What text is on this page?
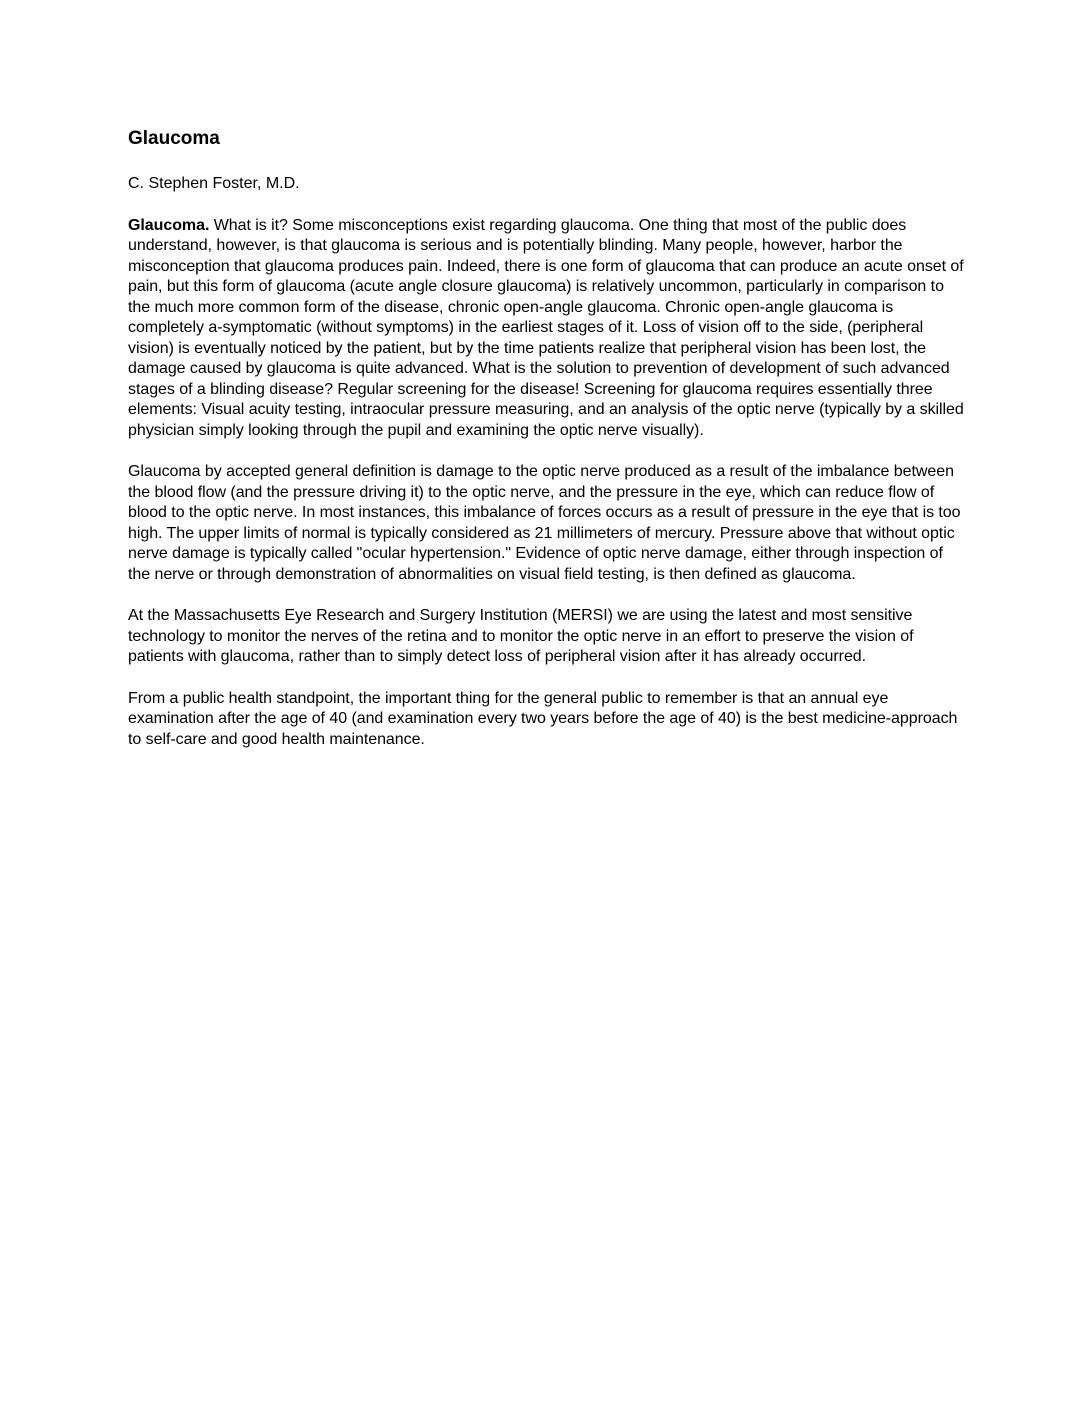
Glaucoma

C. Stephen Foster, M.D.

Glaucoma. What is it? Some misconceptions exist regarding glaucoma. One thing that most of the public does understand, however, is that glaucoma is serious and is potentially blinding. Many people, however, harbor the misconception that glaucoma produces pain. Indeed, there is one form of glaucoma that can produce an acute onset of pain, but this form of glaucoma (acute angle closure glaucoma) is relatively uncommon, particularly in comparison to the much more common form of the disease, chronic open-angle glaucoma. Chronic open-angle glaucoma is completely a-symptomatic (without symptoms) in the earliest stages of it. Loss of vision off to the side, (peripheral vision) is eventually noticed by the patient, but by the time patients realize that peripheral vision has been lost, the damage caused by glaucoma is quite advanced. What is the solution to prevention of development of such advanced stages of a blinding disease? Regular screening for the disease! Screening for glaucoma requires essentially three elements: Visual acuity testing, intraocular pressure measuring, and an analysis of the optic nerve (typically by a skilled physician simply looking through the pupil and examining the optic nerve visually).

Glaucoma by accepted general definition is damage to the optic nerve produced as a result of the imbalance between the blood flow (and the pressure driving it) to the optic nerve, and the pressure in the eye, which can reduce flow of blood to the optic nerve. In most instances, this imbalance of forces occurs as a result of pressure in the eye that is too high. The upper limits of normal is typically considered as 21 millimeters of mercury. Pressure above that without optic nerve damage is typically called "ocular hypertension." Evidence of optic nerve damage, either through inspection of the nerve or through demonstration of abnormalities on visual field testing, is then defined as glaucoma.

At the Massachusetts Eye Research and Surgery Institution (MERSI) we are using the latest and most sensitive technology to monitor the nerves of the retina and to monitor the optic nerve in an effort to preserve the vision of patients with glaucoma, rather than to simply detect loss of peripheral vision after it has already occurred.

From a public health standpoint, the important thing for the general public to remember is that an annual eye examination after the age of 40 (and examination every two years before the age of 40) is the best medicine-approach to self-care and good health maintenance.
